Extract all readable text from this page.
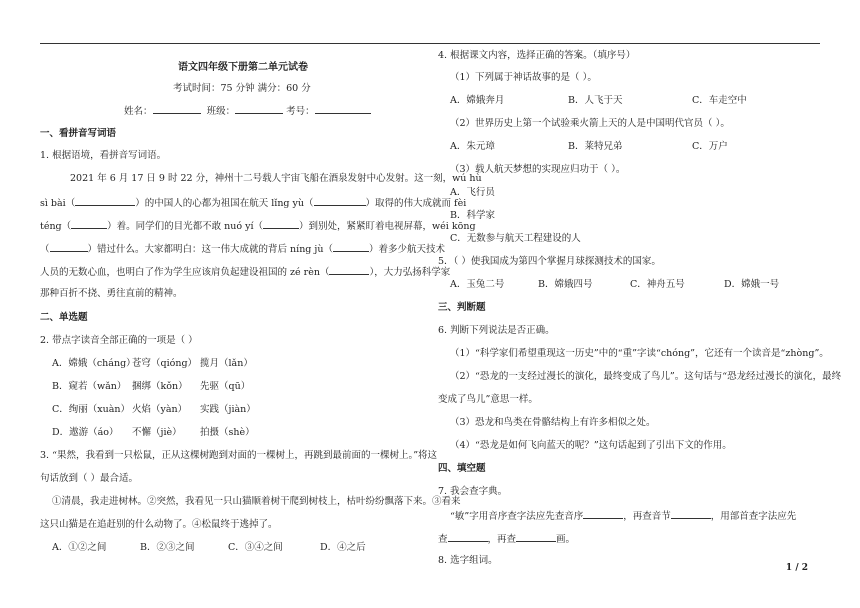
语文四年级下册第二单元试卷
考试时间：75 分钟 满分：60 分
姓名：	班级：	考号：
一、看拼音写词语
1. 根据语境，看拼音写词语。
2021 年 6 月 17 日 9 时 22 分，神州十二号载人宇宙飞船在酒泉发射中心发射。这一刻，wú hù
sì bài（	）的中国人的心都为祖国在航天 lǐng yù（	）取得的伟大成就而 fèi
téng（	）着。同学们的目光都不敢 nuó yí（	）到别处，紧紧盯着电视屏幕，wéi kōng
（	）错过什么。大家都明白：这一伟大成就的背后 níng jù（	）着多少航天技术
人员的无数心血，也明白了作为学生应该肩负起建设祖国的 zé rèn（	），大力弘扬科学家
那种百折不挠、勇往直前的精神。
二、单选题
2. 带点字读音全部正确的一项是（ ）
A．嫦娥（cháng）苍穹（qióng） 揽月（lǎn）
B．窥若（wǎn） 捆绑（kǒn） 先驱（qū）
C．绚丽（xuàn） 火焰（yàn） 实践（jiàn）
D．遨游（áo） 不懈（jiè） 拍摄（shè）
3. “果然，我看到一只松鼠，正从这棵树跑到对面的一棵树上，再跳到最前面的一棵树上。”将这
句话放到（ ）最合适。
①清晨，我走进树林。②突然，我看见一只山猫顺着树干爬到树枝上，枯叶纷纷飘落下来。③看来
这只山猫是在追赶别的什么动物了。④松鼠终于逃掉了。
A．①②之间	B．②③之间	C．③④之间	D．④之后
4. 根据课文内容，选择正确的答案。（填序号）
（1）下列属于神话故事的是（ ）。
A．嫦娥奔月	B．人飞于天	C．车走空中
（2）世界历史上第一个试验乘火箭上天的人是中国明代官员（ ）。
A．朱元璋	B．莱特兄弟	C．万户
（3）载人航天梦想的实现应归功于（ ）。
A．飞行员
B．科学家
C．无数参与航天工程建设的人
5．（ ）使我国成为第四个掌握月球探测技术的国家。
A．玉兔二号	B．嫦娥四号	C．神舟五号	D．嫦娥一号
三、判断题
6. 判断下列说法是否正确。
（1）“科学家们希望重现这一历史”中的“重”字读“chóng”，它还有一个读音是“zhòng”。
（2）“恐龙的一支经过漫长的演化，最终变成了鸟儿”。这句话与“恐龙经过漫长的演化，最终
变成了鸟儿”意思一样。
（3）恐龙和鸟类在骨骼结构上有许多相似之处。
（4）“恐龙是如何飞向蓝天的呢？”这句话起到了引出下文的作用。
四、填空题
7. 我会查字典。
“敏”字用音序查字法应先查音序	，再查音节	，用部首查字法应先
查	，再查	画。
8. 选字组词。
1 / 2
